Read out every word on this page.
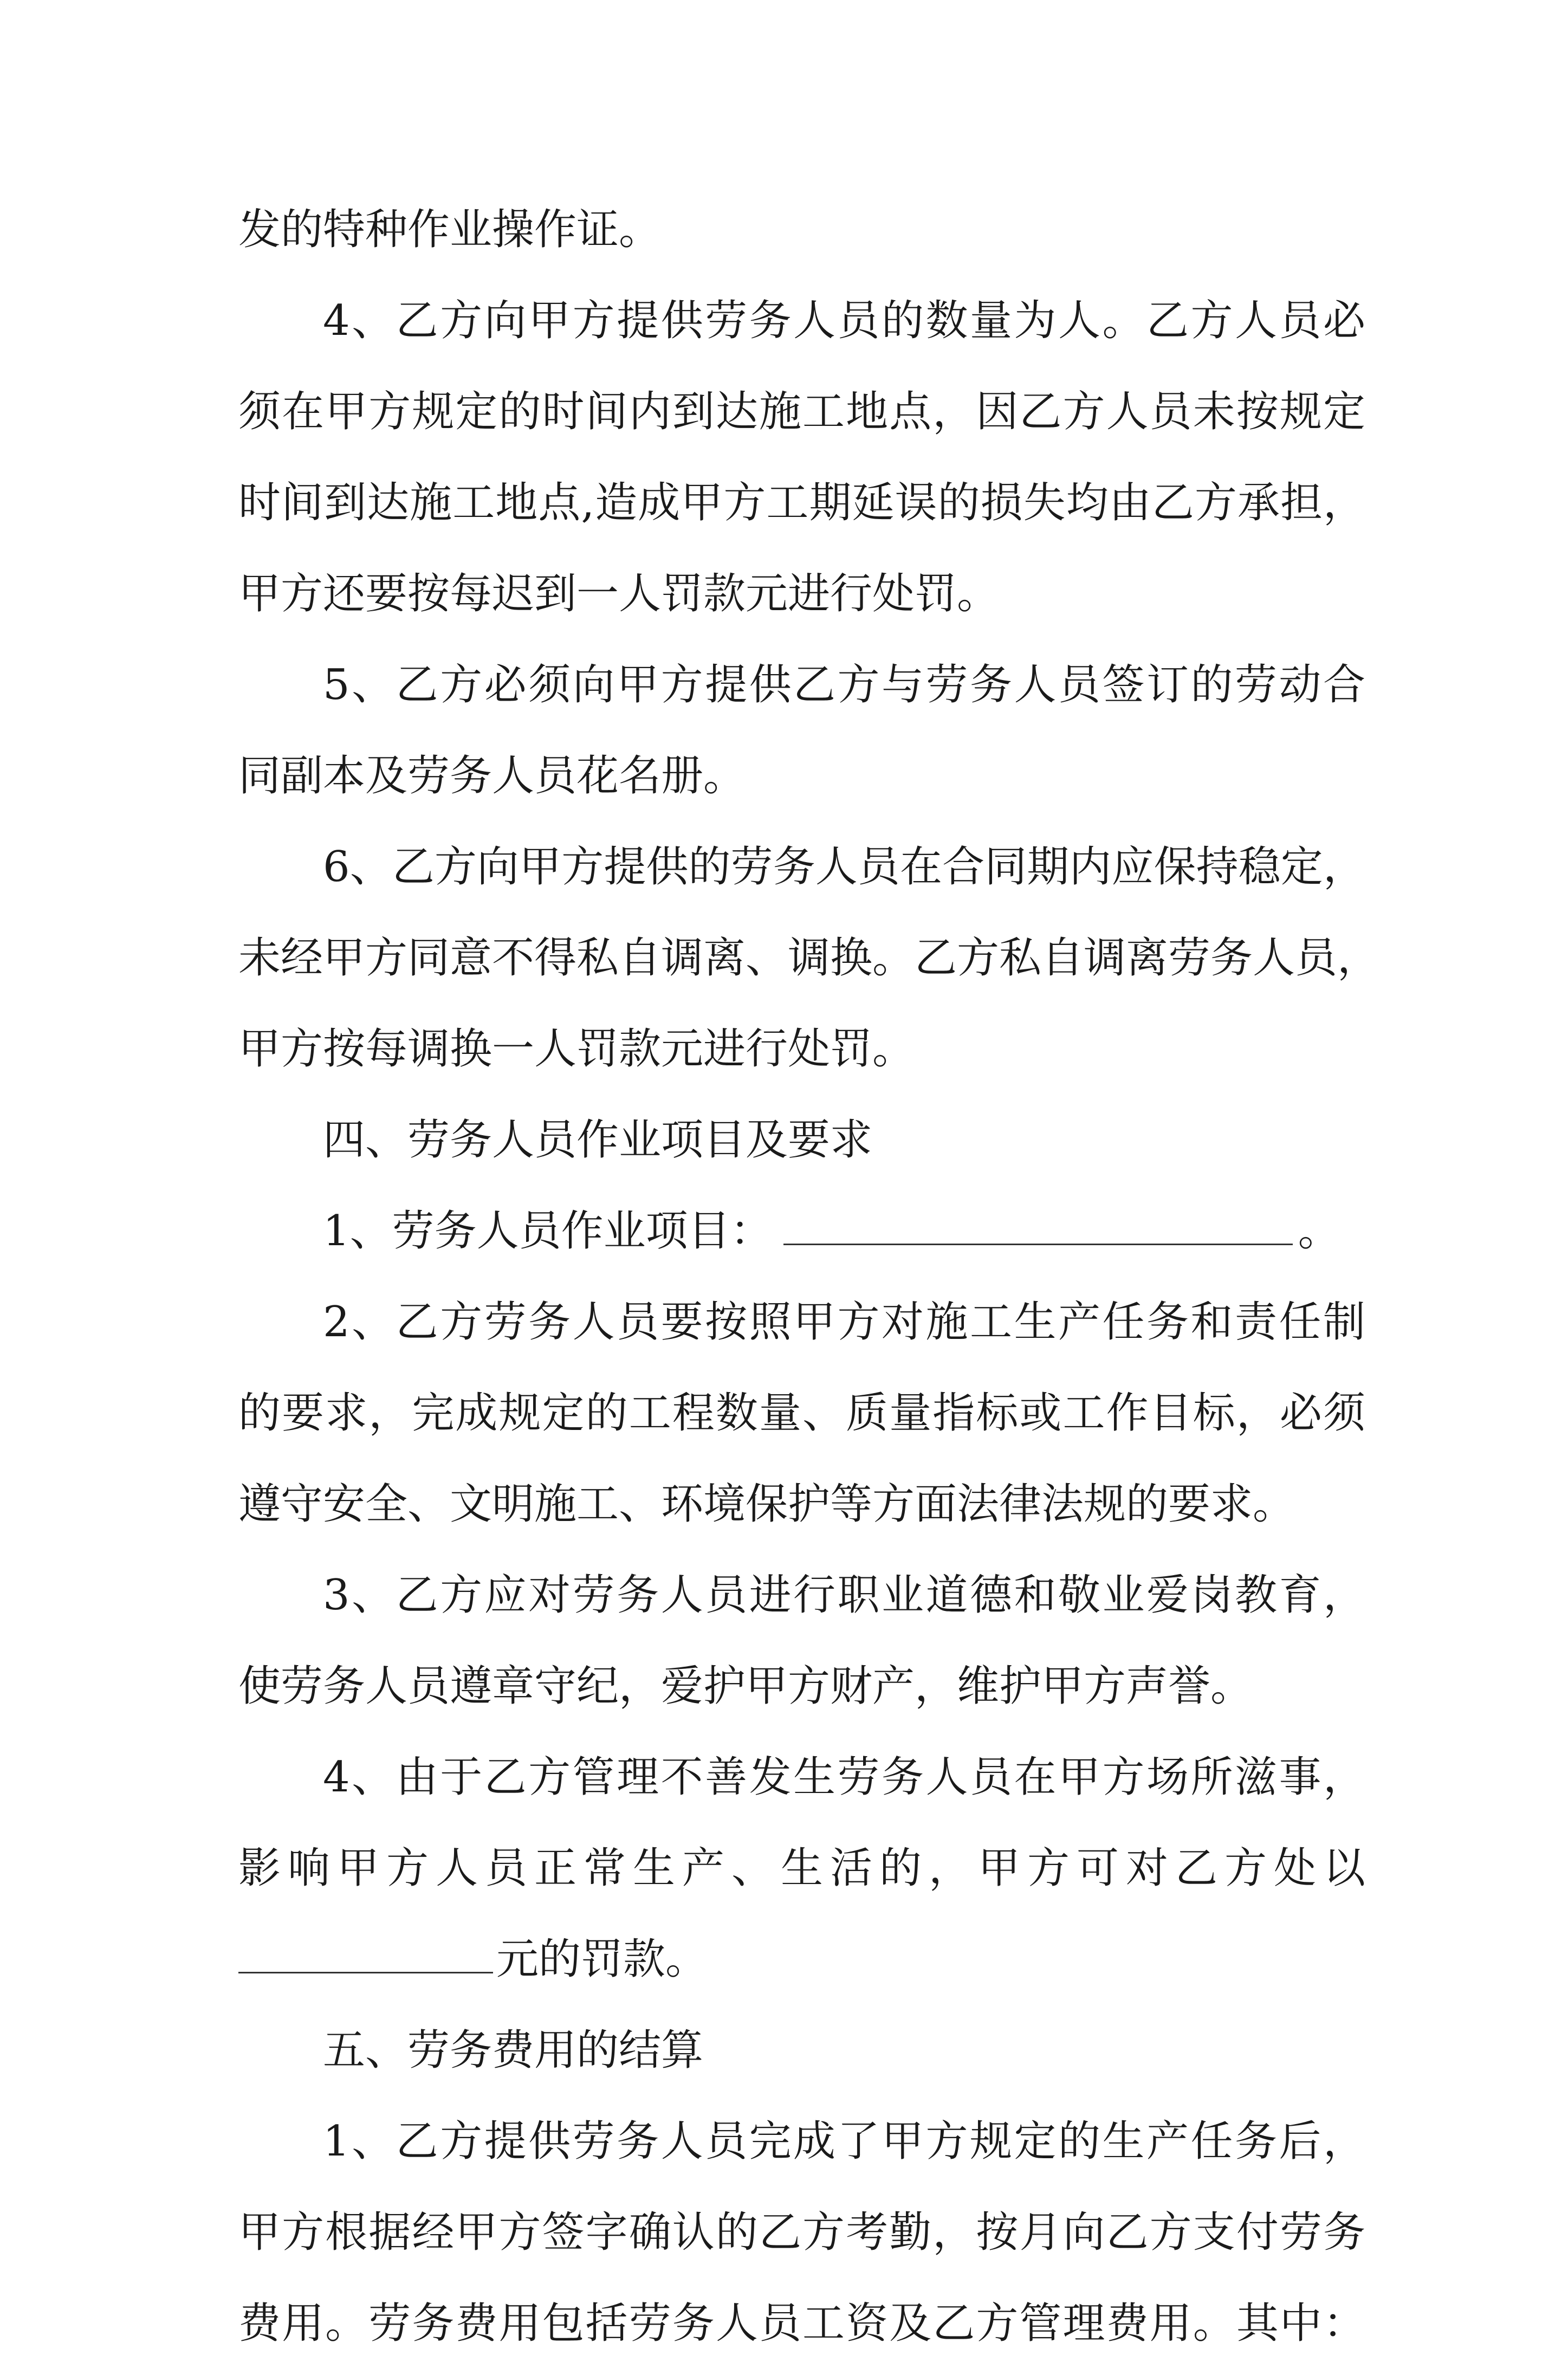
发的特种作业操作证。
4、乙方向甲方提供劳务人员的数量为人。乙方人员必
须在甲方规定的时间内到达施工地点，因乙方人员未按规定
时间到达施工地点,造成甲方工期延误的损失均由乙方承担，
甲方还要按每迟到一人罚款元进行处罚。
5、乙方必须向甲方提供乙方与劳务人员签订的劳动合
同副本及劳务人员花名册。
6、乙方向甲方提供的劳务人员在合同期内应保持稳定，
未经甲方同意不得私自调离、调换。乙方私自调离劳务人员，
甲方按每调换一人罚款元进行处罚。
四、劳务人员作业项目及要求
1、劳务人员作业项目：	。
2、乙方劳务人员要按照甲方对施工生产任务和责任制
的要求，完成规定的工程数量、质量指标或工作目标，必须
遵守安全、文明施工、环境保护等方面法律法规的要求。
3、乙方应对劳务人员进行职业道德和敬业爱岗教育，
使劳务人员遵章守纪，爱护甲方财产，维护甲方声誉。
4、由于乙方管理不善发生劳务人员在甲方场所滋事，
影响甲方人员正常生产、生活的，甲方可对乙方处以
元的罚款。
五、劳务费用的结算
1、乙方提供劳务人员完成了甲方规定的生产任务后，
甲方根据经甲方签字确认的乙方考勤，按月向乙方支付劳务
费用。劳务费用包括劳务人员工资及乙方管理费用。其中：
